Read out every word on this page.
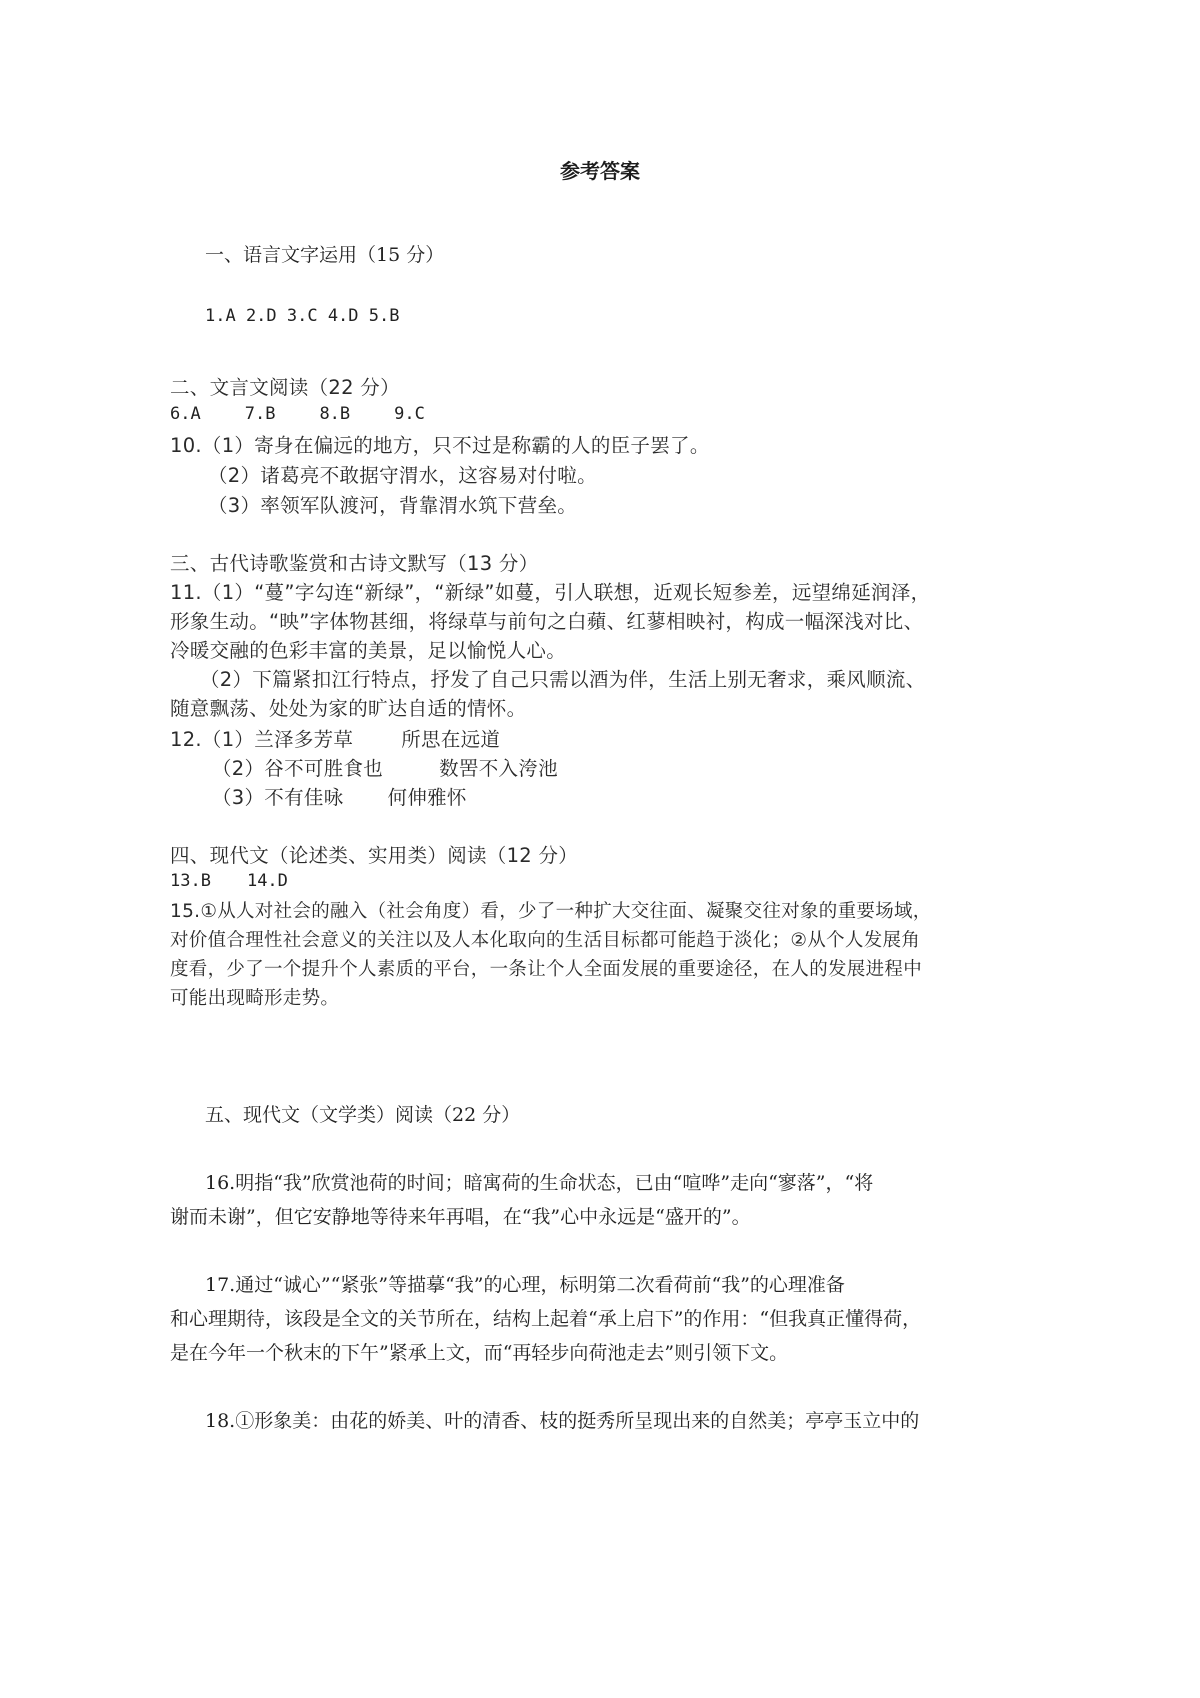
参考答案
一、语言文字运用（15 分）
1.A 2.D 3.C 4.D 5.B
二、文言文阅读（22 分）
6.A	7.B	8.B	9.C
10.（1）寄身在偏远的地方，只不过是称霸的人的臣子罢了。
（2）诸葛亮不敢据守渭水，这容易对付啦。
（3）率领军队渡河，背靠渭水筑下营垒。
三、古代诗歌鉴赏和古诗文默写（13 分）
11.（1）“蔓”字勾连“新绿”，“新绿”如蔓，引人联想，近观长短参差，远望绵延润泽，
形象生动。“映”字体物甚细，将绿草与前句之白蘋、红蓼相映衬，构成一幅深浅对比、
冷暖交融的色彩丰富的美景，足以愉悦人心。
（2）下篇紧扣江行特点，抒发了自己只需以酒为伴，生活上别无奢求，乘风顺流、
随意飘荡、处处为家的旷达自适的情怀。
12.（1）兰泽多芳草 所思在远道
（2）谷不可胜食也	数罟不入洿池
（3）不有佳咏 何伸雅怀
四、现代文（论述类、实用类）阅读（12 分）
13.B 14.D
15.①从人对社会的融入（社会角度）看，少了一种扩大交往面、凝聚交往对象的重要场域，
对价值合理性社会意义的关注以及人本化取向的生活目标都可能趋于淡化；②从个人发展角
度看，少了一个提升个人素质的平台，一条让个人全面发展的重要途径，在人的发展进程中
可能出现畸形走势。
五、现代文（文学类）阅读（22 分）
16.明指“我”欣赏池荷的时间；暗寓荷的生命状态，已由“喧哗”走向“寥落”，“将
谢而未谢”，但它安静地等待来年再唱，在“我”心中永远是“盛开的”。
17.通过“诚心”“紧张”等描摹“我”的心理，标明第二次看荷前“我”的心理准备
和心理期待，该段是全文的关节所在，结构上起着“承上启下”的作用：“但我真正懂得荷，
是在今年一个秋末的下午”紧承上文，而“再轻步向荷池走去”则引领下文。
18.①形象美：由花的娇美、叶的清香、枝的挺秀所呈现出来的自然美；亭亭玉立中的
